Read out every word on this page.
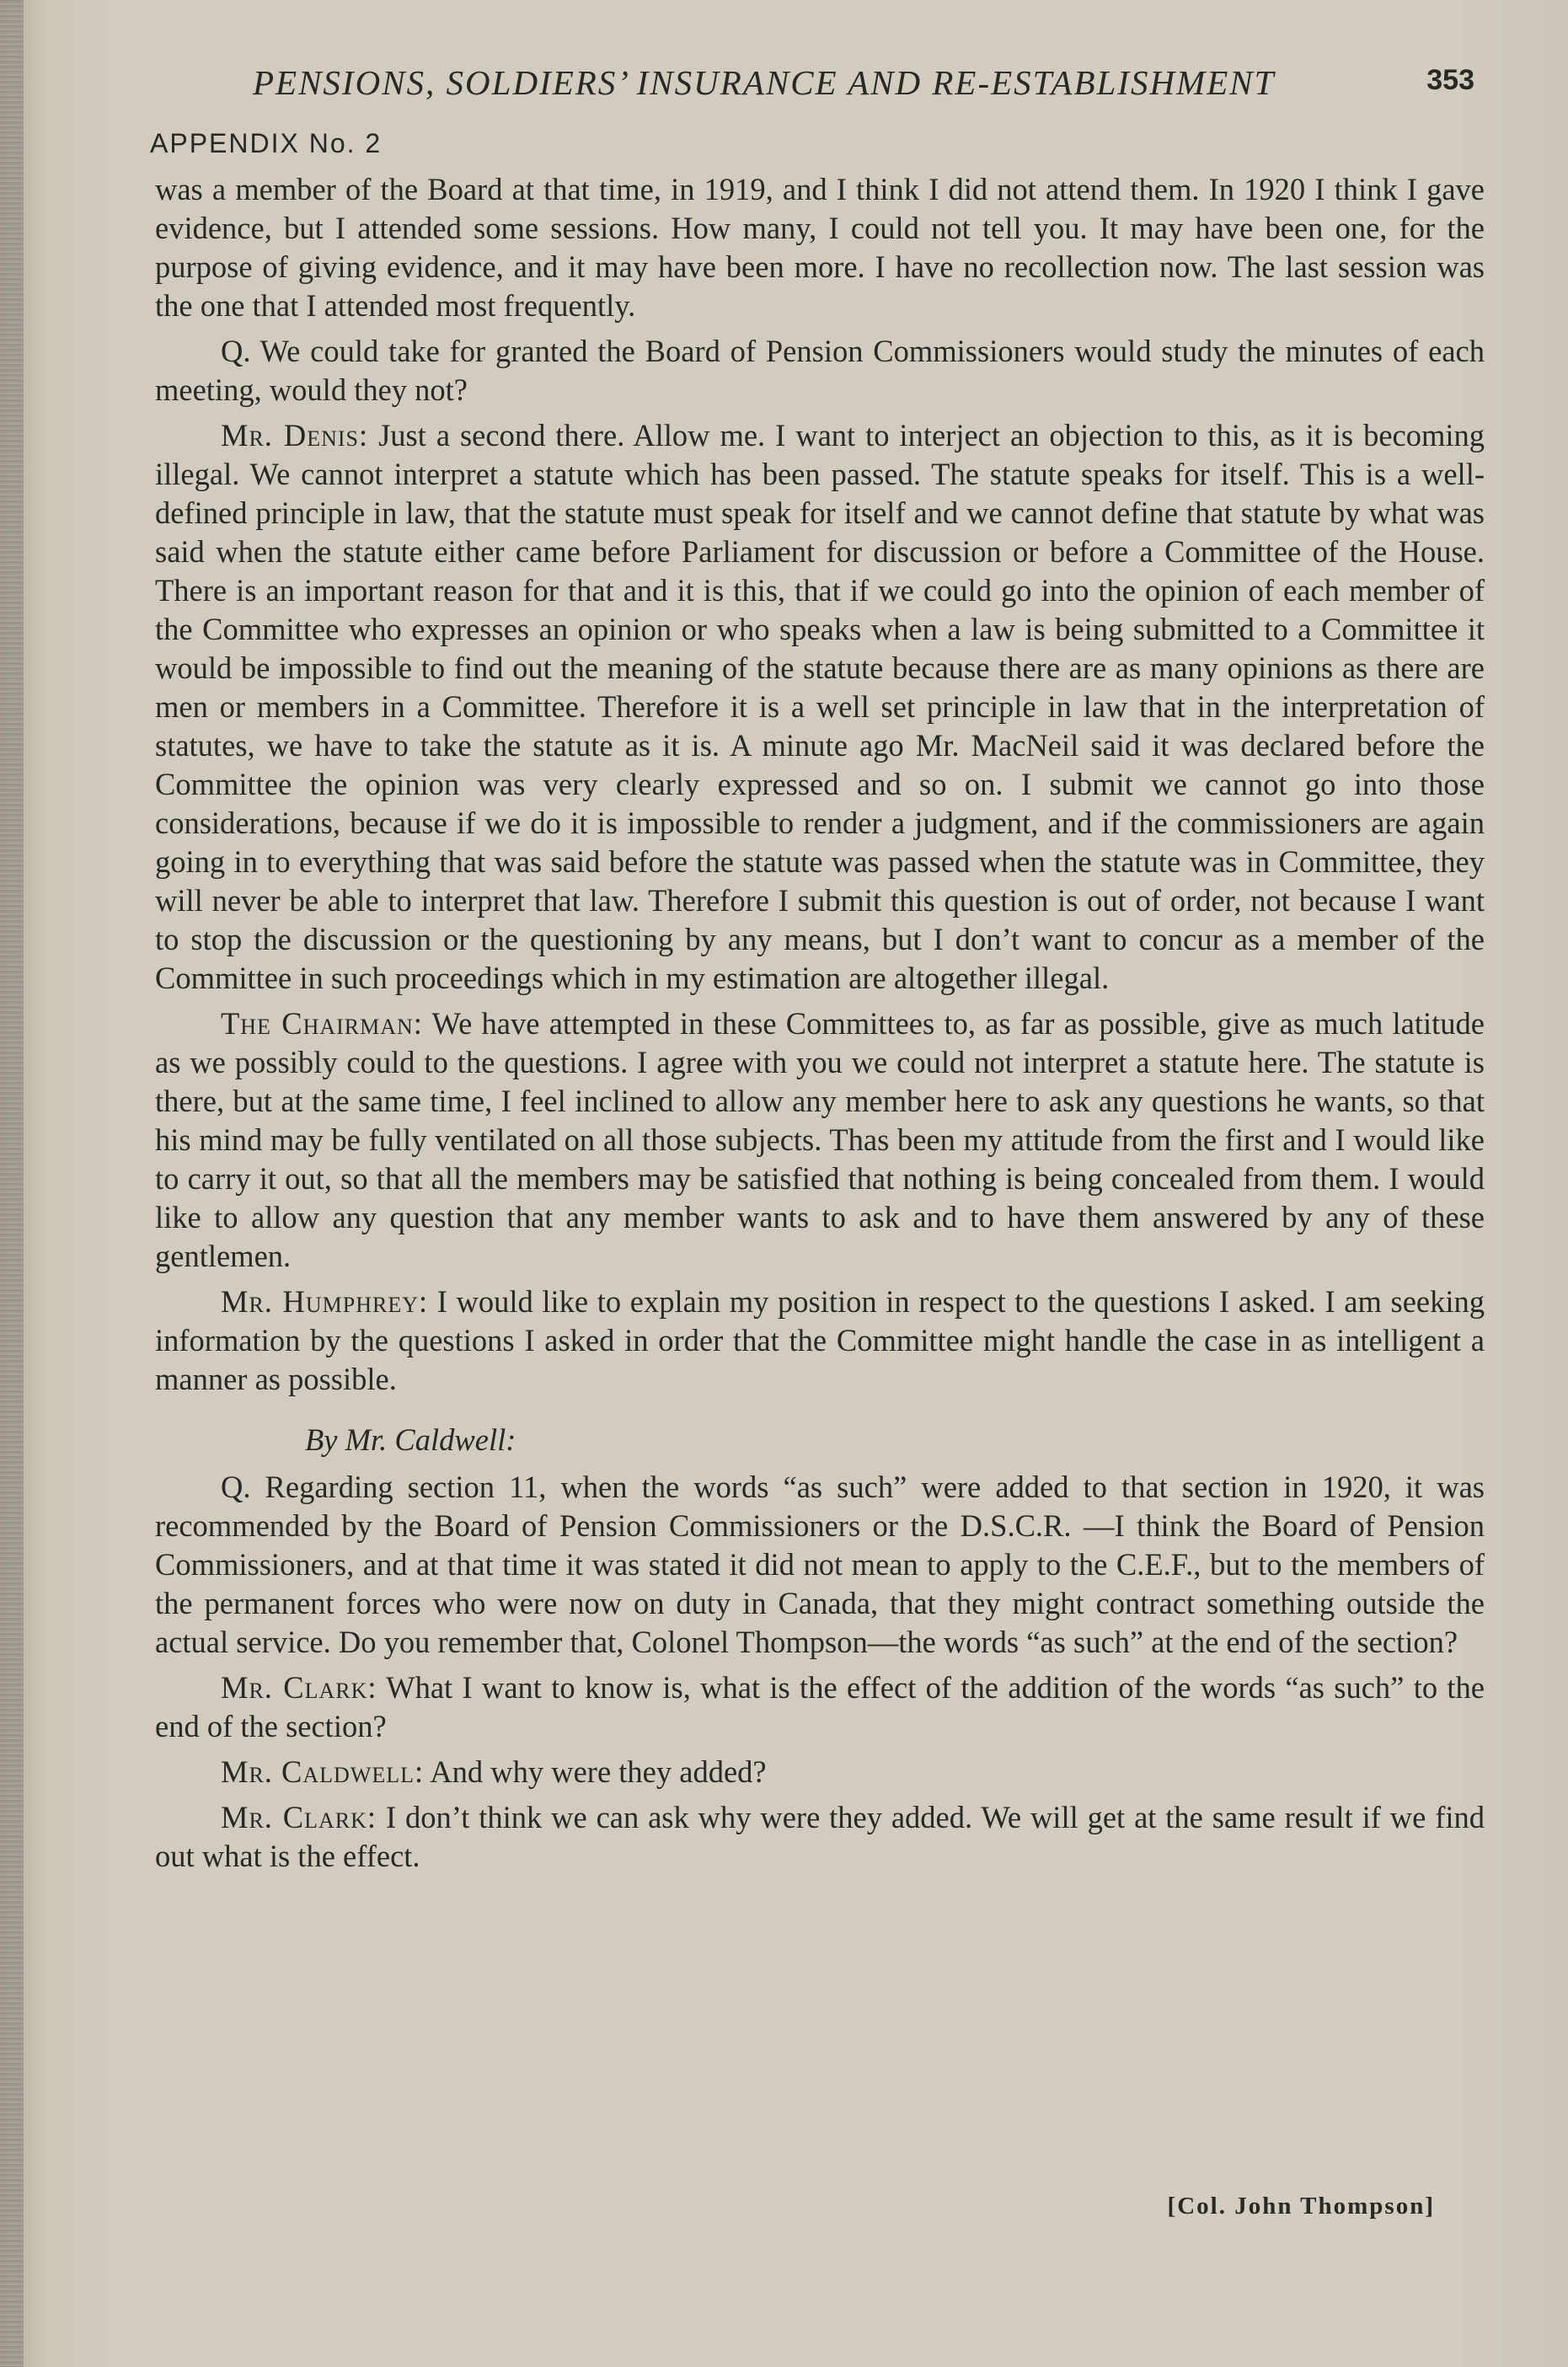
PENSIONS, SOLDIERS’ INSURANCE AND RE-ESTABLISHMENT	353
APPENDIX No. 2

was a member of the Board at that time, in 1919, and I think I did not attend them. In 1920 I think I gave evidence, but I attended some sessions. How many, I could not tell you. It may have been one, for the purpose of giving evidence, and it may have been more. I have no recollection now. The last session was the one that I attended most frequently.

Q. We could take for granted the Board of Pension Commissioners would study the minutes of each meeting, would they not?

Mr. Denis: Just a second there. Allow me. I want to interject an objection to this, as it is becoming illegal. We cannot interpret a statute which has been passed. The statute speaks for itself. This is a well-defined principle in law, that the statute must speak for itself and we cannot define that statute by what was said when the statute either came before Parliament for discussion or before a Committee of the House. There is an important reason for that and it is this, that if we could go into the opinion of each member of the Committee who expresses an opinion or who speaks when a law is being submitted to a Committee it would be impossible to find out the meaning of the statute because there are as many opinions as there are men or members in a Committee. Therefore it is a well set principle in law that in the interpretation of statutes, we have to take the statute as it is. A minute ago Mr. MacNeil said it was declared before the Committee the opinion was very clearly expressed and so on. I submit we cannot go into those considerations, because if we do it is impossible to render a judgment, and if the commissioners are again going in to everything that was said before the statute was passed when the statute was in Committee, they will never be able to interpret that law. Therefore I submit this question is out of order, not because I want to stop the discussion or the questioning by any means, but I don’t want to concur as a member of the Committee in such proceedings which in my estimation are altogether illegal.

The Chairman: We have attempted in these Committees to, as far as possible, give as much latitude as we possibly could to the questions. I agree with you we could not interpret a statute here. The statute is there, but at the same time, I feel inclined to allow any member here to ask any questions he wants, so that his mind may be fully ventilated on all those subjects. Thas been my attitude from the first and I would like to carry it out, so that all the members may be satisfied that nothing is being concealed from them. I would like to allow any question that any member wants to ask and to have them answered by any of these gentlemen.

Mr. Humphrey: I would like to explain my position in respect to the questions I asked. I am seeking information by the questions I asked in order that the Committee might handle the case in as intelligent a manner as possible.

By Mr. Caldwell:

Q. Regarding section 11, when the words “as such” were added to that section in 1920, it was recommended by the Board of Pension Commissioners or the D.S.C.R. —I think the Board of Pension Commissioners, and at that time it was stated it did not mean to apply to the C.E.F., but to the members of the permanent forces who were now on duty in Canada, that they might contract something outside the actual service. Do you remember that, Colonel Thompson—the words “as such” at the end of the section?

Mr. Clark: What I want to know is, what is the effect of the addition of the words “as such” to the end of the section?

Mr. Caldwell: And why were they added?

Mr. Clark: I don’t think we can ask why were they added. We will get at the same result if we find out what is the effect.

[Col. John Thompson]
